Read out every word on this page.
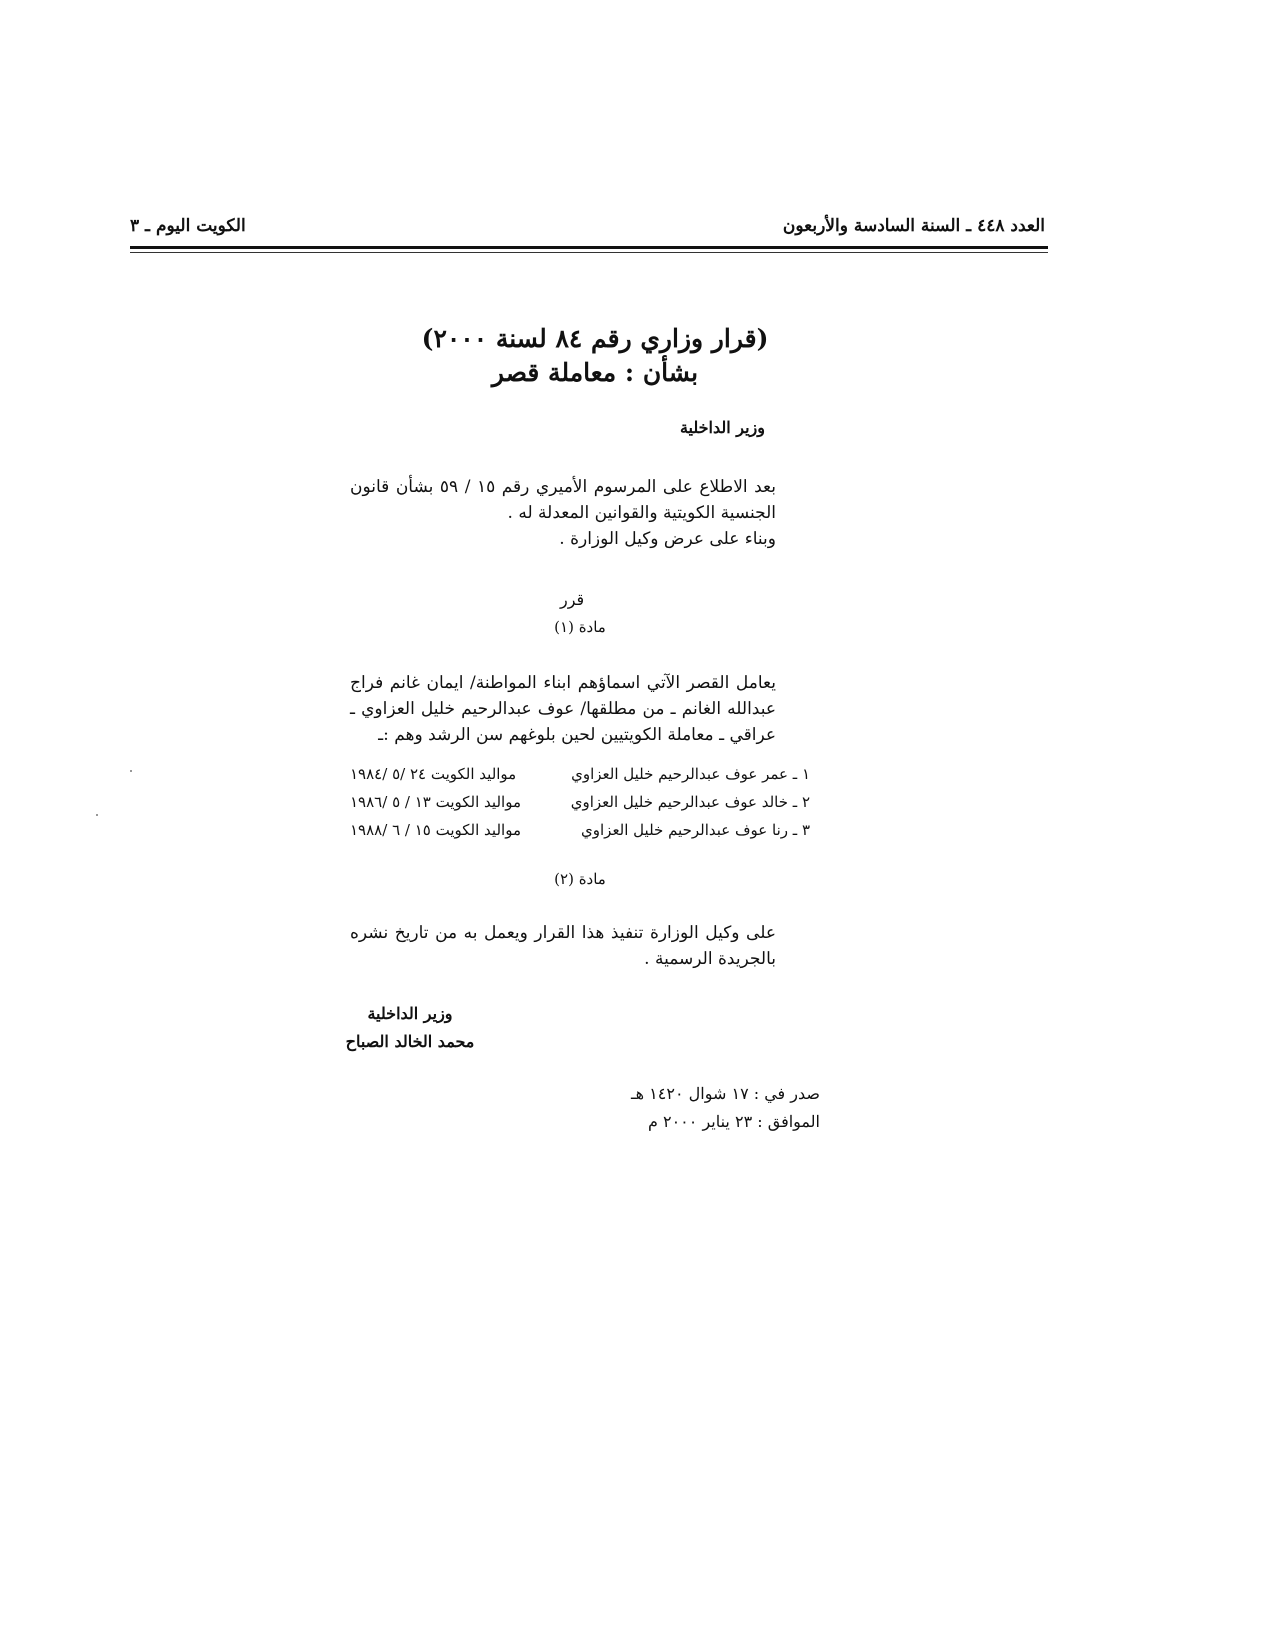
العدد ٤٤٨ ـ السنة السادسة والأربعون
الكويت اليوم ـ ٣
(قرار وزاري رقم ٨٤ لسنة ٢٠٠٠)
بشأن : معاملة قصر
وزير الداخلية
بعد الاطلاع على المرسوم الأميري رقم ١٥ / ٥٩ بشأن قانون الجنسية الكويتية والقوانين المعدلة له .
وبناء على عرض وكيل الوزارة .
قرر
مادة (١)
يعامل القصر الآتي اسماؤهم ابناء المواطنة/ ايمان غانم فراج عبدالله الغانم ـ من مطلقها/ عوف عبدالرحيم خليل العزاوي ـ عراقي ـ معاملة الكويتيين لحين بلوغهم سن الرشد وهم :ـ
١ ـ عمر عوف عبدالرحيم خليل العزاوي
مواليد الكويت ٢٤ /٥ /١٩٨٤
٢ ـ خالد عوف عبدالرحيم خليل العزاوي
مواليد الكويت ١٣ / ٥ /١٩٨٦
٣ ـ رنا عوف عبدالرحيم خليل العزاوي
مواليد الكويت ١٥ / ٦ /١٩٨٨
مادة (٢)
على وكيل الوزارة تنفيذ هذا القرار ويعمل به من تاريخ نشره بالجريدة الرسمية .
وزير الداخلية
محمد الخالد الصباح
صدر في : ١٧ شوال ١٤٢٠ هـ
الموافق : ٢٣ يناير ٢٠٠٠ م
